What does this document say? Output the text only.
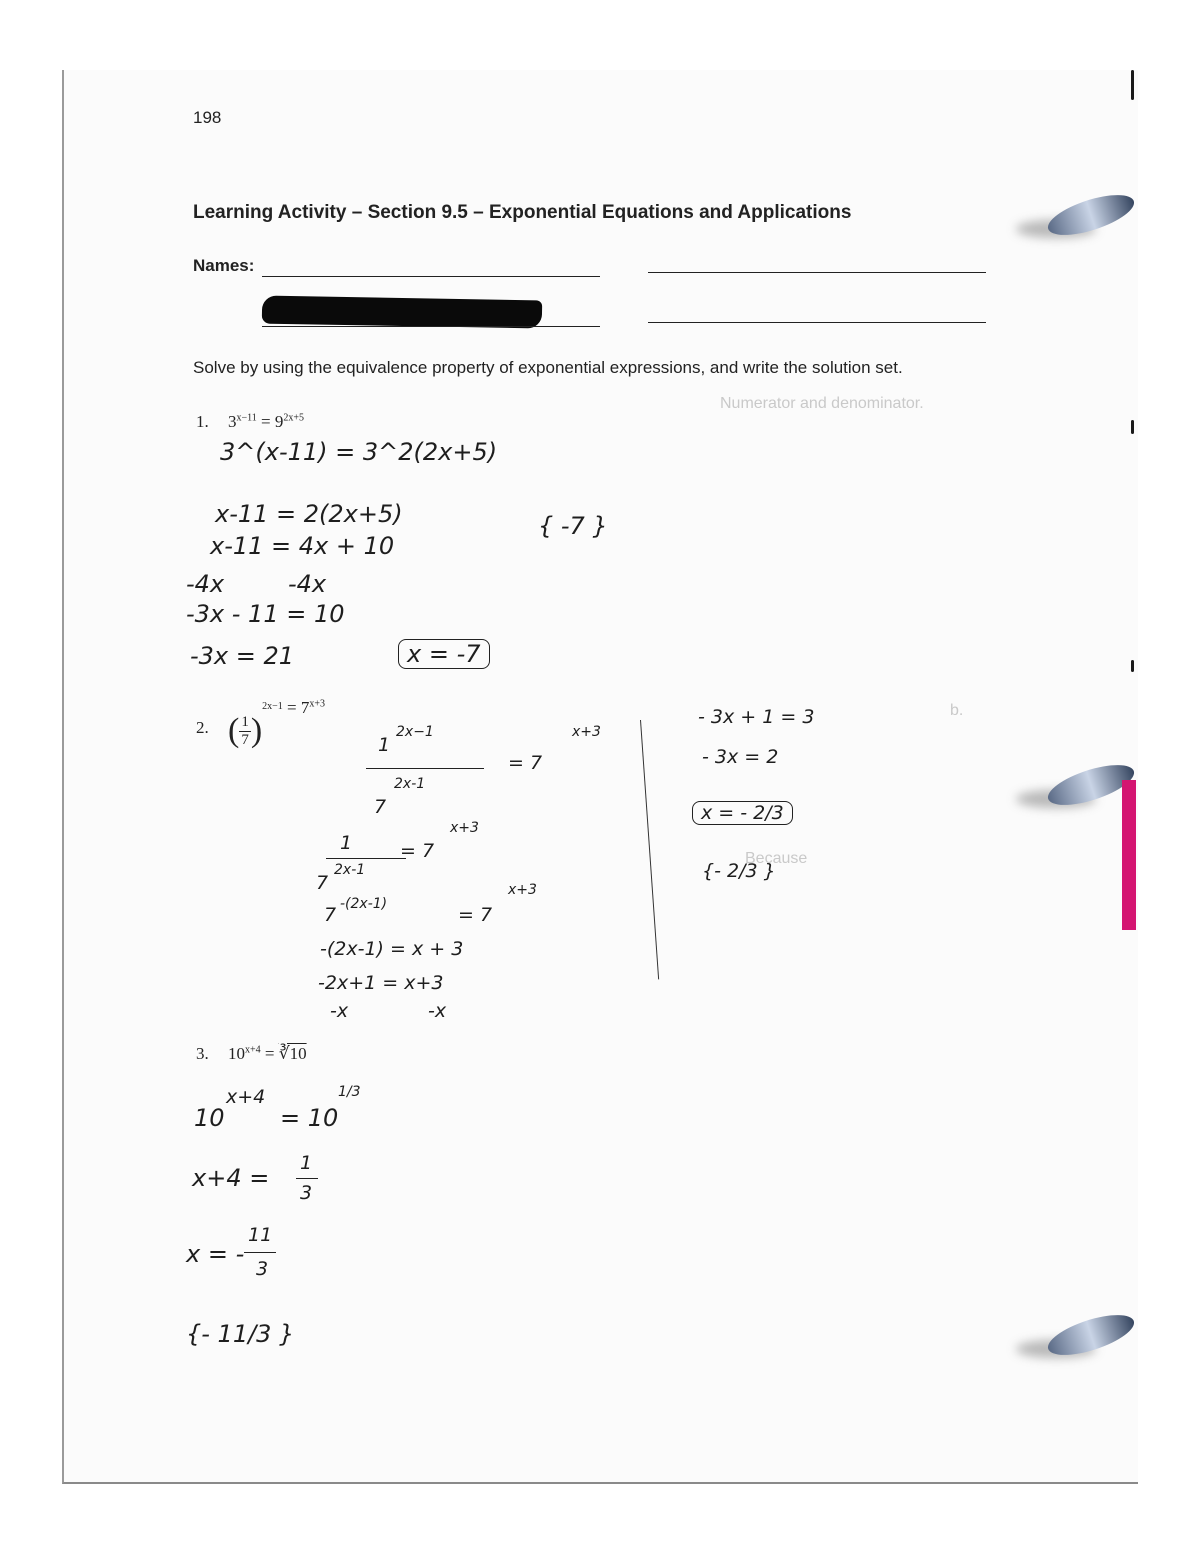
Numerator and denominator.
b.
Because
198
Learning Activity – Section 9.5 – Exponential Equations and Applications
Names:
Solve by using the equivalence property of exponential expressions, and write the solution set.
1. $3^{x-11} = 9^{2x+5}$
3^(x-11) = 3^2(2x+5)
x-11 = 2(2x+5)	{ -7 }
x-11 = 4x + 10
-4x	-4x
-3x - 11 = 10
-3x = 21	x = -7
2. ( $\frac{1}{7})^{2x-1} = 7^{x+3}$
1
2x−1
2x-1
7
= 7
x+3
1
7
2x-1
= 7
x+3
7 -(2x-1)	= 7
x+3
-(2x-1) = x + 3
-2x+1 = x+3
-x	-x
- 3x + 1 = 3
- 3x = 2
x = - 2/3
{- 2/3 }
3. $10^{x+4}$ = ∛10
10
x+4
= 10
1/3
x+4 =
1
3
x = -
11
3
{- 11/3 }
